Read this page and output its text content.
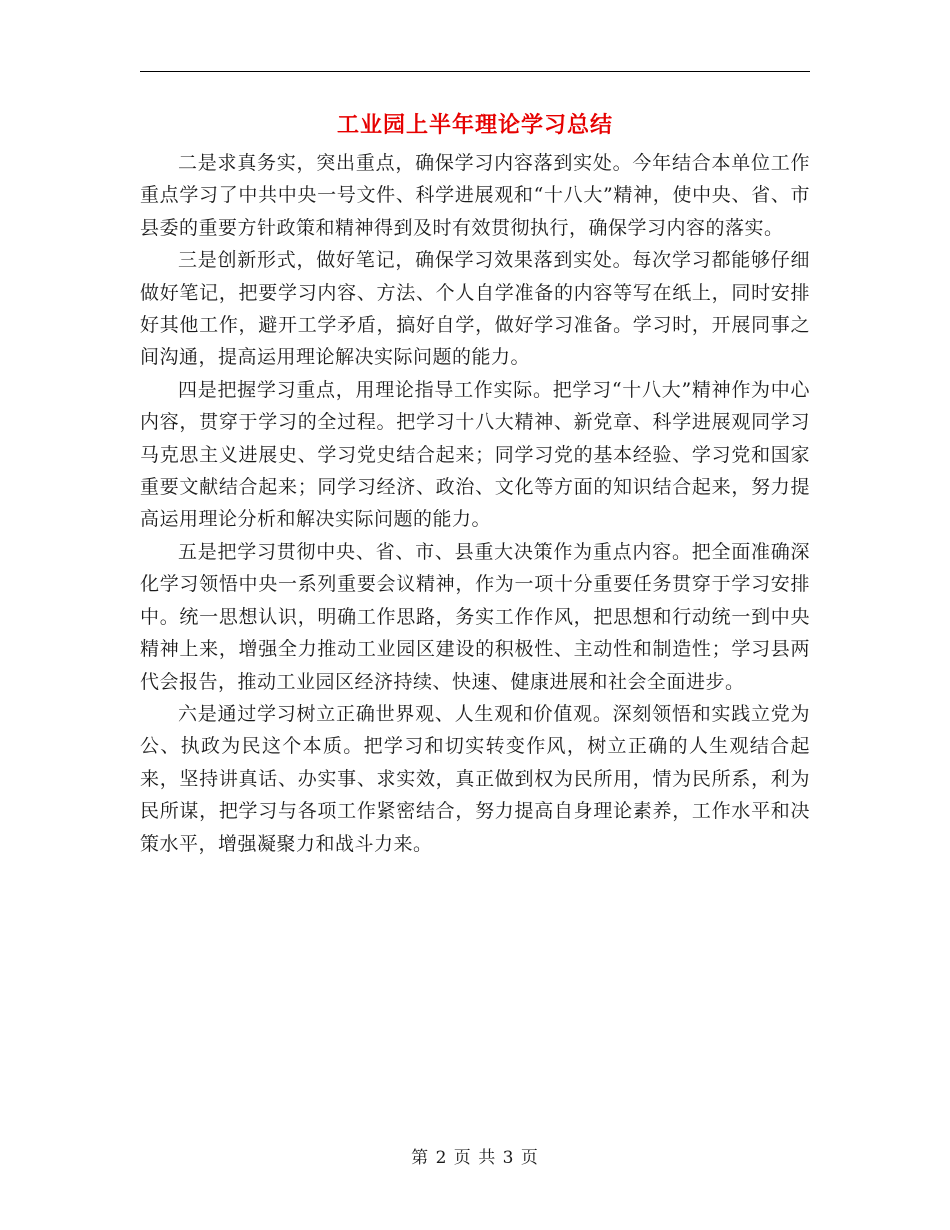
工业园上半年理论学习总结

二是求真务实，突出重点，确保学习内容落到实处。今年结合本单位工作重点学习了中共中央一号文件、科学进展观和“十八大”精神，使中央、省、市县委的重要方针政策和精神得到及时有效贯彻执行，确保学习内容的落实。

三是创新形式，做好笔记，确保学习效果落到实处。每次学习都能够仔细做好笔记，把要学习内容、方法、个人自学准备的内容等写在纸上，同时安排好其他工作，避开工学矛盾，搞好自学，做好学习准备。学习时，开展同事之间沟通，提高运用理论解决实际问题的能力。

四是把握学习重点，用理论指导工作实际。把学习“十八大”精神作为中心内容，贯穿于学习的全过程。把学习十八大精神、新党章、科学进展观同学习马克思主义进展史、学习党史结合起来；同学习党的基本经验、学习党和国家重要文献结合起来；同学习经济、政治、文化等方面的知识结合起来，努力提高运用理论分析和解决实际问题的能力。

五是把学习贯彻中央、省、市、县重大决策作为重点内容。把全面准确深化学习领悟中央一系列重要会议精神，作为一项十分重要任务贯穿于学习安排中。统一思想认识，明确工作思路，务实工作作风，把思想和行动统一到中央精神上来，增强全力推动工业园区建设的积极性、主动性和制造性；学习县两代会报告，推动工业园区经济持续、快速、健康进展和社会全面进步。

六是通过学习树立正确世界观、人生观和价值观。深刻领悟和实践立党为公、执政为民这个本质。把学习和切实转变作风，树立正确的人生观结合起来，坚持讲真话、办实事、求实效，真正做到权为民所用，情为民所系，利为民所谋，把学习与各项工作紧密结合，努力提高自身理论素养，工作水平和决策水平，增强凝聚力和战斗力来。

第 2 页 共 3 页
